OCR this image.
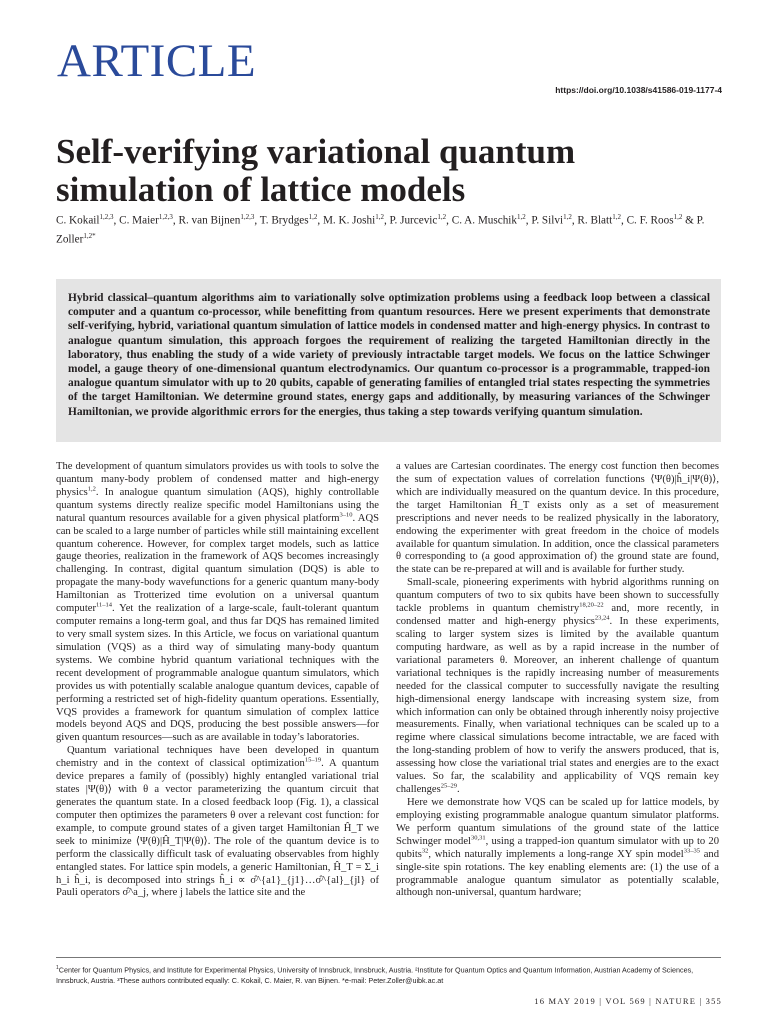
ARTICLE
https://doi.org/10.1038/s41586-019-1177-4
Self-verifying variational quantum simulation of lattice models
C. Kokail$^{1,2,3}$, C. Maier$^{1,2,3}$, R. van Bijnen$^{1,2,3}$, T. Brydges$^{1,2}$, M. K. Joshi$^{1,2}$, P. Jurcevic$^{1,2}$, C. A. Muschik$^{1,2}$, P. Silvi$^{1,2}$, R. Blatt$^{1,2}$, C. F. Roos$^{1,2}$ & P. Zoller$^{1,2*}$

Hybrid classical–quantum algorithms aim to variationally solve optimization problems using a feedback loop between a classical computer and a quantum co-processor, while benefitting from quantum resources. Here we present experiments that demonstrate self-verifying, hybrid, variational quantum simulation of lattice models in condensed matter and high-energy physics. In contrast to analogue quantum simulation, this approach forgoes the requirement of realizing the targeted Hamiltonian directly in the laboratory, thus enabling the study of a wide variety of previously intractable target models. We focus on the lattice Schwinger model, a gauge theory of one-dimensional quantum electrodynamics. Our quantum co-processor is a programmable, trapped-ion analogue quantum simulator with up to 20 qubits, capable of generating families of entangled trial states respecting the symmetries of the target Hamiltonian. We determine ground states, energy gaps and additionally, by measuring variances of the Schwinger Hamiltonian, we provide algorithmic errors for the energies, thus taking a step towards verifying quantum simulation.

The development of quantum simulators provides us with tools to solve the quantum many-body problem of condensed matter and high-energy physics$^{1,2}$. In analogue quantum simulation (AQS), highly controllable quantum systems directly realize specific model Hamiltonians using the natural quantum resources available for a given physical platform$^{3-10}$. AQS can be scaled to a large number of particles while still maintaining excellent quantum coherence. However, for complex target models, such as lattice gauge theories, realization in the framework of AQS becomes increasingly challenging. In contrast, digital quantum simulation (DQS) is able to propagate the many-body wavefunctions for a generic quantum many-body Hamiltonian as Trotterized time evolution on a universal quantum computer$^{11-14}$. Yet the realization of a large-scale, fault-tolerant quantum computer remains a long-term goal, and thus far DQS has remained limited to very small system sizes. In this Article, we focus on variational quantum simulation (VQS) as a third way of simulating many-body quantum systems. We combine hybrid quantum variational techniques with the recent development of programmable analogue quantum simulators, which provides us with potentially scalable analogue quantum devices, capable of performing a restricted set of high-fidelity quantum operations. Essentially, VQS provides a framework for quantum simulation of complex lattice models beyond AQS and DQS, producing the best possible answers—for given quantum resources—such as are available in today’s laboratories.

Quantum variational techniques have been developed in quantum chemistry and in the context of classical optimization$^{15-19}$. A quantum device prepares a family of (possibly) highly entangled variational trial states |Ψ(θ)⟩ with θ a vector parameterizing the quantum circuit that generates the quantum state. In a closed feedback loop (Fig. 1), a classical computer then optimizes the parameters θ over a relevant cost function: for example, to compute ground states of a given target Hamiltonian Ĥ_T we seek to minimize ⟨Ψ(θ)|Ĥ_T|Ψ(θ)⟩. The role of the quantum device is to perform the classically difficult task of evaluating observables from highly entangled states. For lattice spin models, a generic Hamiltonian, Ĥ_T = Σ_i h_i ĥ_i, is decomposed into strings ĥ_i ∝ σ̂^{a1}_{j1}…σ̂^{al}_{jl} of Pauli operators σ̂^a_j, where j labels the lattice site and the

a values are Cartesian coordinates. The energy cost function then becomes the sum of expectation values of correlation functions ⟨Ψ(θ)|ĥ_i|Ψ(θ)⟩, which are individually measured on the quantum device. In this procedure, the target Hamiltonian Ĥ_T exists only as a set of measurement prescriptions and never needs to be realized physically in the laboratory, endowing the experimenter with great freedom in the choice of models available for quantum simulation. In addition, once the classical parameters θ corresponding to (a good approximation of) the ground state are found, the state can be re-prepared at will and is available for further study.

Small-scale, pioneering experiments with hybrid algorithms running on quantum computers of two to six qubits have been shown to successfully tackle problems in quantum chemistry$^{18,20-22}$ and, more recently, in condensed matter and high-energy physics$^{23,24}$. In these experiments, scaling to larger system sizes is limited by the available quantum computing hardware, as well as by a rapid increase in the number of variational parameters θ. Moreover, an inherent challenge of quantum variational techniques is the rapidly increasing number of measurements needed for the classical computer to successfully navigate the resulting high-dimensional energy landscape with increasing system size, from which information can only be obtained through inherently noisy projective measurements. Finally, when variational techniques can be scaled up to a regime where classical simulations become intractable, we are faced with the long-standing problem of how to verify the answers produced, that is, assessing how close the variational trial states and energies are to the exact values. So far, the scalability and applicability of VQS remain key challenges$^{25-29}$.

Here we demonstrate how VQS can be scaled up for lattice models, by employing existing programmable analogue quantum simulator platforms. We perform quantum simulations of the ground state of the lattice Schwinger model$^{30,31}$, using a trapped-ion quantum simulator with up to 20 qubits$^{32}$, which naturally implements a long-range XY spin model$^{33-35}$ and single-site spin rotations. The key enabling elements are: (1) the use of a programmable analogue quantum simulator as potentially scalable, although non-universal, quantum hardware;

$^1$Center for Quantum Physics, and Institute for Experimental Physics, University of Innsbruck, Innsbruck, Austria. ²Institute for Quantum Optics and Quantum Information, Austrian Academy of Sciences, Innsbruck, Austria. ³These authors contributed equally: C. Kokail, C. Maier, R. van Bijnen. *e-mail: Peter.Zoller@uibk.ac.at
16 MAY 2019 | VOL 569 | NATURE | 355
